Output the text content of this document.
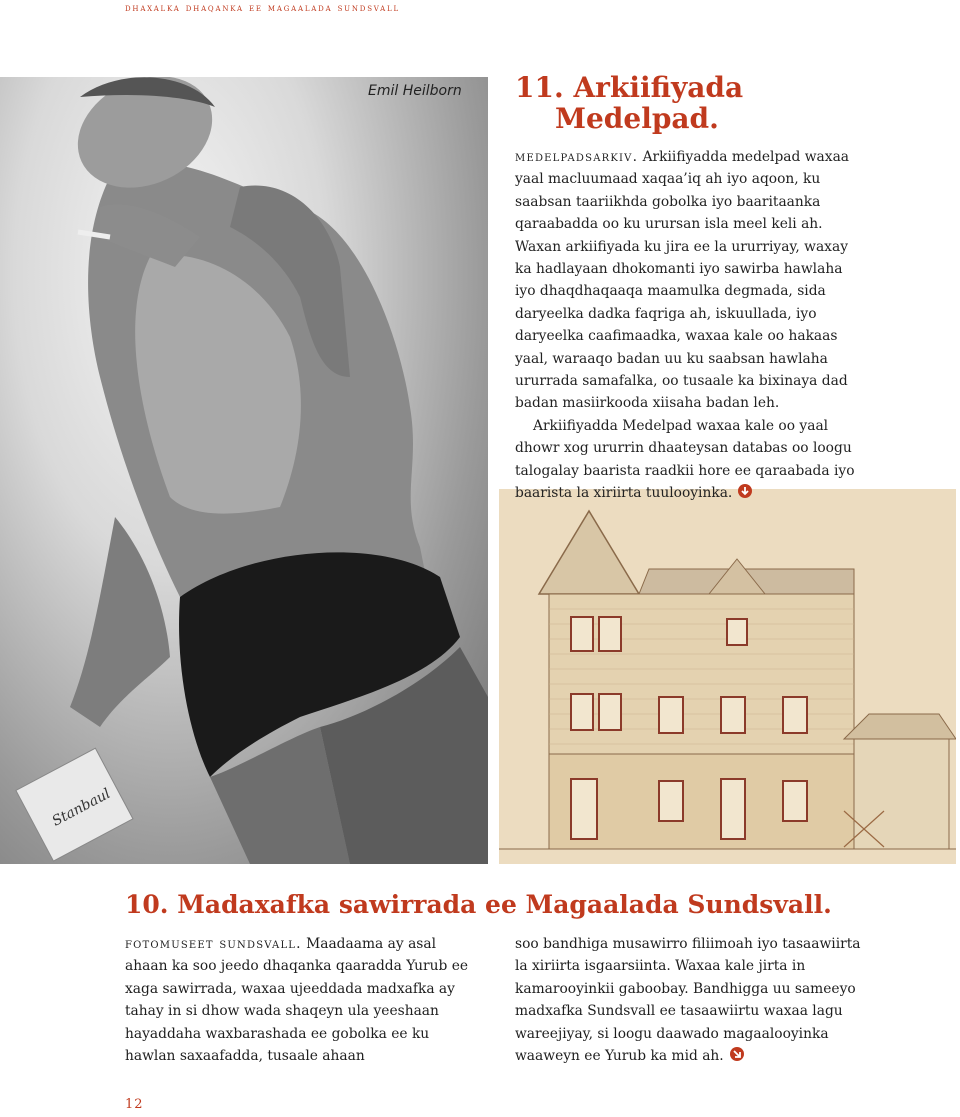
dhaxalka dhaqanka ee magaalada sundsvall
Stanbaul
Emil Heilborn 11. Arkiifiyada
Medelpad.

medelpadsarkiv. Arkiifiyadda medelpad waxaa yaal macluumaad xaqaa’iq ah iyo aqoon, ku saabsan taariikhda gobolka iyo baaritaanka qaraabadda oo ku urursan isla meel keli ah. Waxan arkiifiyada ku jira ee la ururriyay, waxay ka hadlayaan dhokomanti iyo sawirba hawlaha iyo dhaqdhaqaaqa maamulka degmada, sida daryeelka dadka faqriga ah, iskuullada, iyo daryeelka caafimaadka, waxaa kale oo hakaas yaal, waraaqo badan uu ku saabsan hawlaha ururrada samafalka, oo tusaale ka bixinaya dad badan masiirkooda xiisaha badan leh.

Arkiifiyadda Medelpad waxaa kale oo yaal dhowr xog ururrin dhaateysan databas oo loogu talogalay baarista raadkii hore ee qaraabada iyo baarista la xiriirta tuulooyinka.

10. Madaxafka sawirrada ee Magaalada Sundsvall.

fotomuseet sundsvall. Maadaama ay asal ahaan ka soo jeedo dhaqanka qaaradda Yurub ee xaga sawirrada, waxaa ujeeddada madxafka ay tahay in si dhow wada shaqeyn ula yeeshaan hayaddaha waxbarashada ee gobolka ee ku hawlan saxaafadda, tusaale ahaan

soo bandhiga musawirro filiimoah iyo tasaawiirta la xiriirta isgaarsiinta. Waxaa kale jirta in kamarooyinkii gaboobay. Bandhigga uu sameeyo madxafka Sundsvall ee tasaawiirtu waxaa lagu wareejiyay, si loogu daawado magaalooyinka waaweyn ee Yurub ka mid ah.

12
